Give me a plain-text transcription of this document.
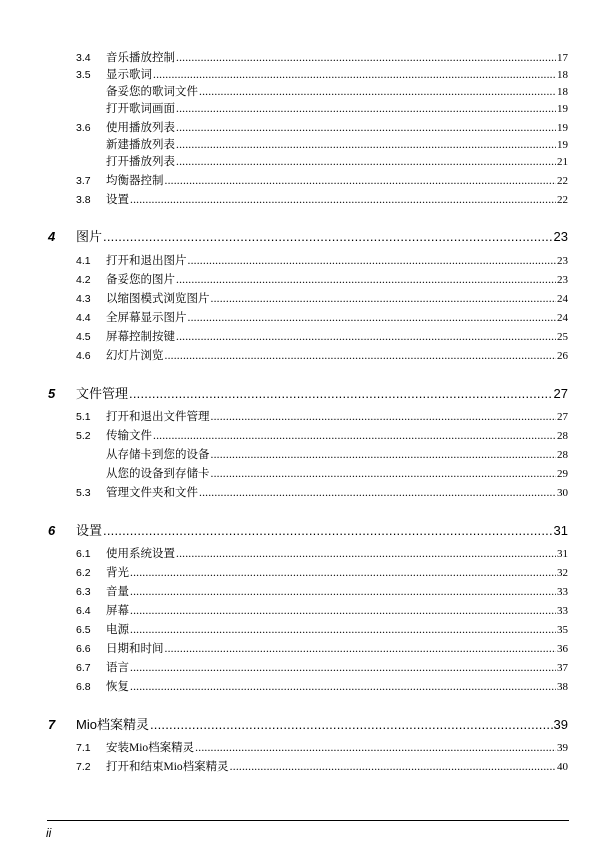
3.4	音乐播放控制 .....	17
3.5	显示歌词 .....	18
备妥您的歌词文件 .....	18
打开歌词画面 .....	19
3.6	使用播放列表 .....	19
新建播放列表 .....	19
打开播放列表 .....	21
3.7	均衡器控制 .....	22
3.8	设置 .....	22
4	图片 .....	23
4.1	打开和退出图片 .....	23
4.2	备妥您的图片 .....	23
4.3	以缩图模式浏览图片 .....	24
4.4	全屏幕显示图片 .....	24
4.5	屏幕控制按键 .....	25
4.6	幻灯片浏览 .....	26
5	文件管理 .....	27
5.1	打开和退出文件管理 .....	27
5.2	传输文件 .....	28
从存储卡到您的设备 .....	28
从您的设备到存储卡 .....	29
5.3	管理文件夹和文件 .....	30
6	设置 .....	31
6.1	使用系统设置 .....	31
6.2	背光 .....	32
6.3	音量 .....	33
6.4	屏幕 .....	33
6.5	电源 .....	35
6.6	日期和时间 .....	36
6.7	语言 .....	37
6.8	恢复 .....	38
7	Mio档案精灵 .....	39
7.1	安装Mio档案精灵 .....	39
7.2	打开和结束Mio档案精灵 .....	40
ii
